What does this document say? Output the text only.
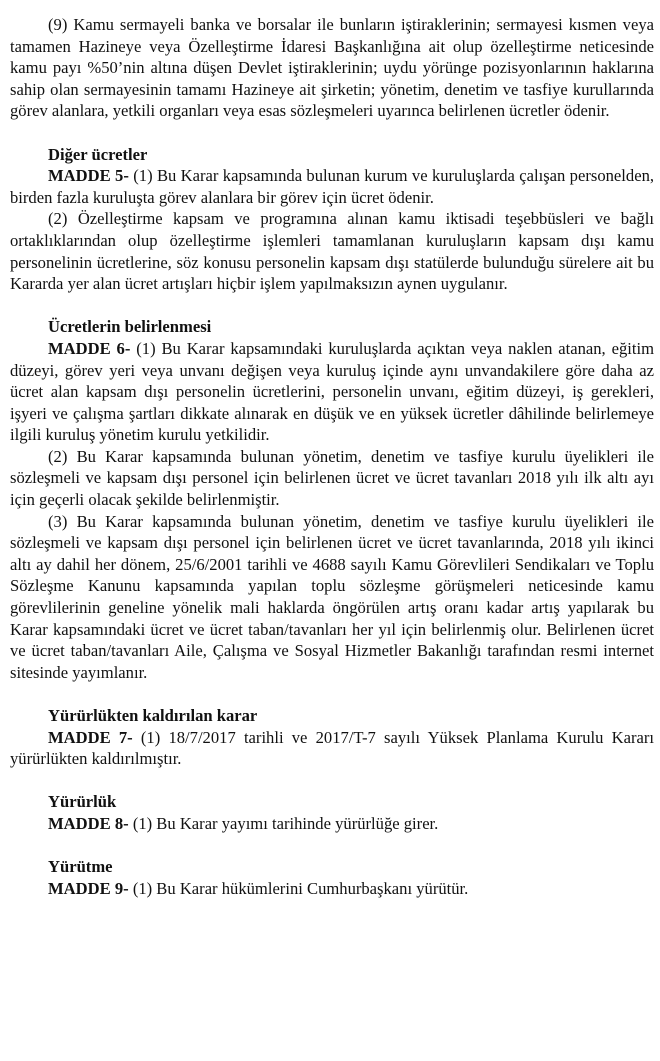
(9) Kamu sermayeli banka ve borsalar ile bunların iştiraklerinin; sermayesi kısmen veya tamamen Hazineye veya Özelleştirme İdaresi Başkanlığına ait olup özelleştirme neticesinde kamu payı %50’nin altına düşen Devlet iştiraklerinin; uydu yörünge pozisyonlarının haklarına sahip olan sermayesinin tamamı Hazineye ait şirketin; yönetim, denetim ve tasfiye kurullarında görev alanlara, yetkili organları veya esas sözleşmeleri uyarınca belirlenen ücretler ödenir.

Diğer ücretler

MADDE 5- (1) Bu Karar kapsamında bulunan kurum ve kuruluşlarda çalışan personelden, birden fazla kuruluşta görev alanlara bir görev için ücret ödenir.

(2) Özelleştirme kapsam ve programına alınan kamu iktisadi teşebbüsleri ve bağlı ortaklıklarından olup özelleştirme işlemleri tamamlanan kuruluşların kapsam dışı kamu personelinin ücretlerine, söz konusu personelin kapsam dışı statülerde bulunduğu sürelere ait bu Kararda yer alan ücret artışları hiçbir işlem yapılmaksızın aynen uygulanır.

Ücretlerin belirlenmesi

MADDE 6- (1) Bu Karar kapsamındaki kuruluşlarda açıktan veya naklen atanan, eğitim düzeyi, görev yeri veya unvanı değişen veya kuruluş içinde aynı unvandakilere göre daha az ücret alan kapsam dışı personelin ücretlerini, personelin unvanı, eğitim düzeyi, iş gerekleri, işyeri ve çalışma şartları dikkate alınarak en düşük ve en yüksek ücretler dâhilinde belirlemeye ilgili kuruluş yönetim kurulu yetkilidir.

(2) Bu Karar kapsamında bulunan yönetim, denetim ve tasfiye kurulu üyelikleri ile sözleşmeli ve kapsam dışı personel için belirlenen ücret ve ücret tavanları 2018 yılı ilk altı ayı için geçerli olacak şekilde belirlenmiştir.

(3) Bu Karar kapsamında bulunan yönetim, denetim ve tasfiye kurulu üyelikleri ile sözleşmeli ve kapsam dışı personel için belirlenen ücret ve ücret tavanlarında, 2018 yılı ikinci altı ay dahil her dönem, 25/6/2001 tarihli ve 4688 sayılı Kamu Görevlileri Sendikaları ve Toplu Sözleşme Kanunu kapsamında yapılan toplu sözleşme görüşmeleri neticesinde kamu görevlilerinin geneline yönelik mali haklarda öngörülen artış oranı kadar artış yapılarak bu Karar kapsamındaki ücret ve ücret taban/tavanları her yıl için belirlenmiş olur. Belirlenen ücret ve ücret taban/tavanları Aile, Çalışma ve Sosyal Hizmetler Bakanlığı tarafından resmi internet sitesinde yayımlanır.

Yürürlükten kaldırılan karar

MADDE 7- (1) 18/7/2017 tarihli ve 2017/T-7 sayılı Yüksek Planlama Kurulu Kararı yürürlükten kaldırılmıştır.

Yürürlük

MADDE 8- (1) Bu Karar yayımı tarihinde yürürlüğe girer.

Yürütme

MADDE 9- (1) Bu Karar hükümlerini Cumhurbaşkanı yürütür.
